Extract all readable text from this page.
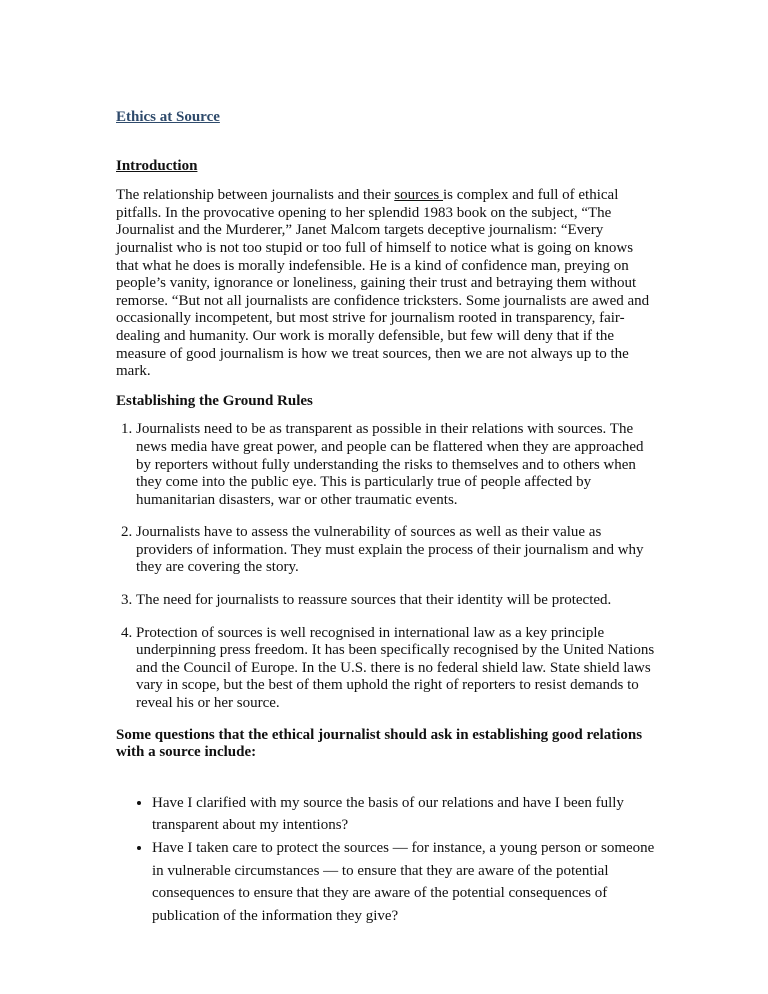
Ethics at Source
Introduction

The relationship between journalists and their sources is complex and full of ethical pitfalls. In the provocative opening to her splendid 1983 book on the subject, “The Journalist and the Murderer,” Janet Malcom targets deceptive journalism: “Every journalist who is not too stupid or too full of himself to notice what is going on knows that what he does is morally indefensible. He is a kind of confidence man, preying on people’s vanity, ignorance or loneliness, gaining their trust and betraying them without remorse. “But not all journalists are confidence tricksters. Some journalists are awed and occasionally incompetent, but most strive for journalism rooted in transparency, fair-dealing and humanity. Our work is morally defensible, but few will deny that if the measure of good journalism is how we treat sources, then we are not always up to the mark.

Establishing the Ground Rules
1. Journalists need to be as transparent as possible in their relations with sources. The news media have great power, and people can be flattered when they are approached by reporters without fully understanding the risks to themselves and to others when they come into the public eye. This is particularly true of people affected by humanitarian disasters, war or other traumatic events.
2. Journalists have to assess the vulnerability of sources as well as their value as providers of information. They must explain the process of their journalism and why they are covering the story.
3. The need for journalists to reassure sources that their identity will be protected.
4. Protection of sources is well recognised in international law as a key principle underpinning press freedom. It has been specifically recognised by the United Nations and the Council of Europe. In the U.S. there is no federal shield law. State shield laws vary in scope, but the best of them uphold the right of reporters to resist demands to reveal his or her source.
Some questions that the ethical journalist should ask in establishing good relations with a source include:
• Have I clarified with my source the basis of our relations and have I been fully transparent about my intentions?
• Have I taken care to protect the sources — for instance, a young person or someone in vulnerable circumstances — to ensure that they are aware of the potential consequences to ensure that they are aware of the potential consequences of publication of the information they give?
